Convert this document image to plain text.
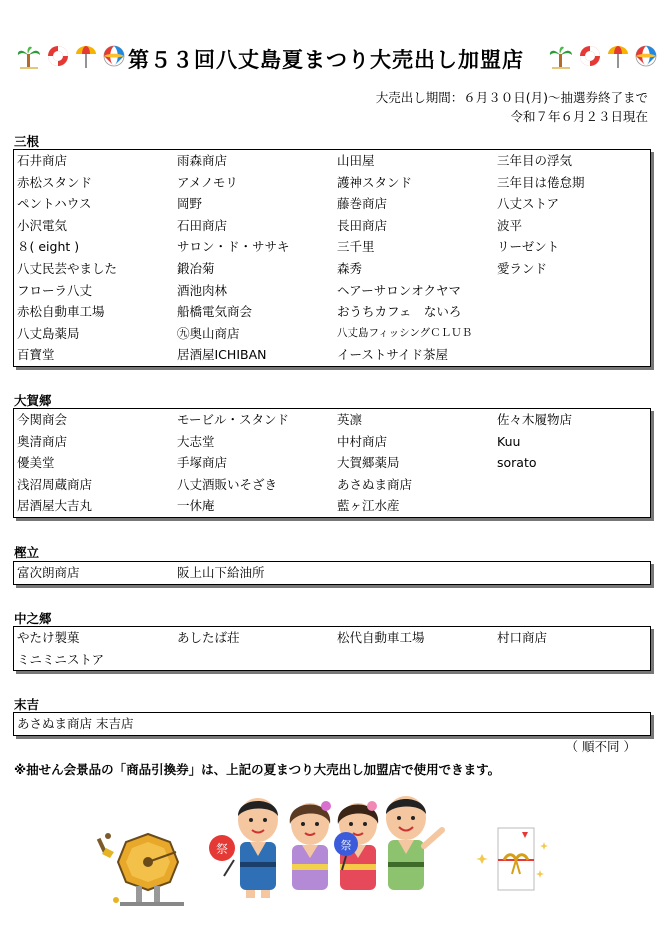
第５３回八丈島夏まつり大売出し加盟店
大売出し期間：６月３０日(月)～抽選券終了まで
令和７年６月２３日現在
三根
石井商店	雨森商店	山田屋	三年目の浮気
赤松スタンド	アメノモリ	護神スタンド	三年目は倦怠期
ペントハウス	岡野	藤巻商店	八丈ストア
小沢電気	石田商店	長田商店	波平
８( eight )	サロン・ド・ササキ	三千里	リーゼント
八丈民芸やました	鍛冶菊	森秀	愛ランド
フローラ八丈	酒池肉林	ヘアーサロンオクヤマ
赤松自動車工場	船橋電気商会	おうちカフェ　ないろ
八丈島薬局	㊈奥山商店	八丈島フィッシングＣＬＵＢ
百寶堂	居酒屋ICHIBAN	イーストサイド茶屋
大賀郷
今関商会	モービル・スタンド	英凛	佐々木履物店
奥清商店	大志堂	中村商店	Kuu
優美堂	手塚商店	大賀郷薬局	sorato
浅沼周蔵商店	八丈酒販いそざき	あさぬま商店
居酒屋大吉丸	一休庵	藍ヶ江水産
樫立
富次朗商店	阪上山下給油所
中之郷
やたけ製菓	あしたば荘	松代自動車工場	村口商店
ミニミニストア
末吉
あさぬま商店 末吉店
（ 順不同 ）
※抽せん会景品の「商品引換券」は、上記の夏まつり大売出し加盟店で使用できます。
祭	祭
